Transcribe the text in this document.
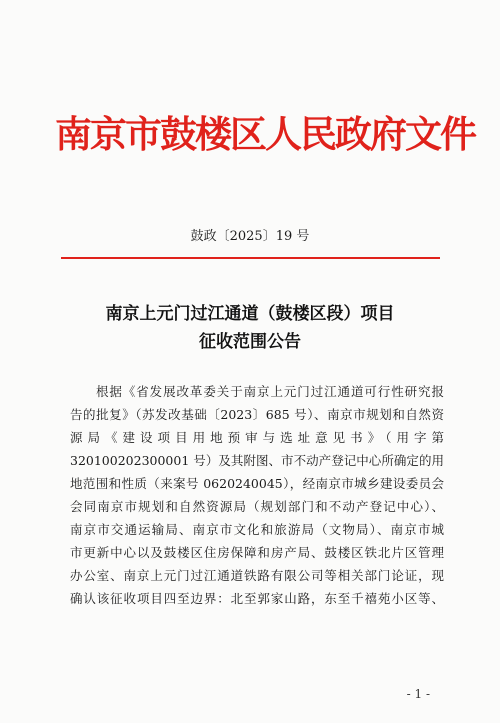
南京市鼓楼区人民政府文件
鼓政〔2025〕19 号
南京上元门过江通道（鼓楼区段）项目
征收范围公告
根据《省发展改革委关于南京上元门过江通道可行性研究报
告的批复》（苏发改基础〔2023〕685 号）、南京市规划和自然资
源局《建设项目用地预审与选址意见书》（用字第
320100202300001 号）及其附图、市不动产登记中心所确定的用
地范围和性质（来案号 0620240045），经南京市城乡建设委员会
会同南京市规划和自然资源局（规划部门和不动产登记中心）、
南京市交通运输局、南京市文化和旅游局（文物局）、南京市城
市更新中心以及鼓楼区住房保障和房产局、鼓楼区铁北片区管理
办公室、南京上元门过江通道铁路有限公司等相关部门论证，现
确认该征收项目四至边界：北至郭家山路，东至千禧苑小区等、
- 1 -
